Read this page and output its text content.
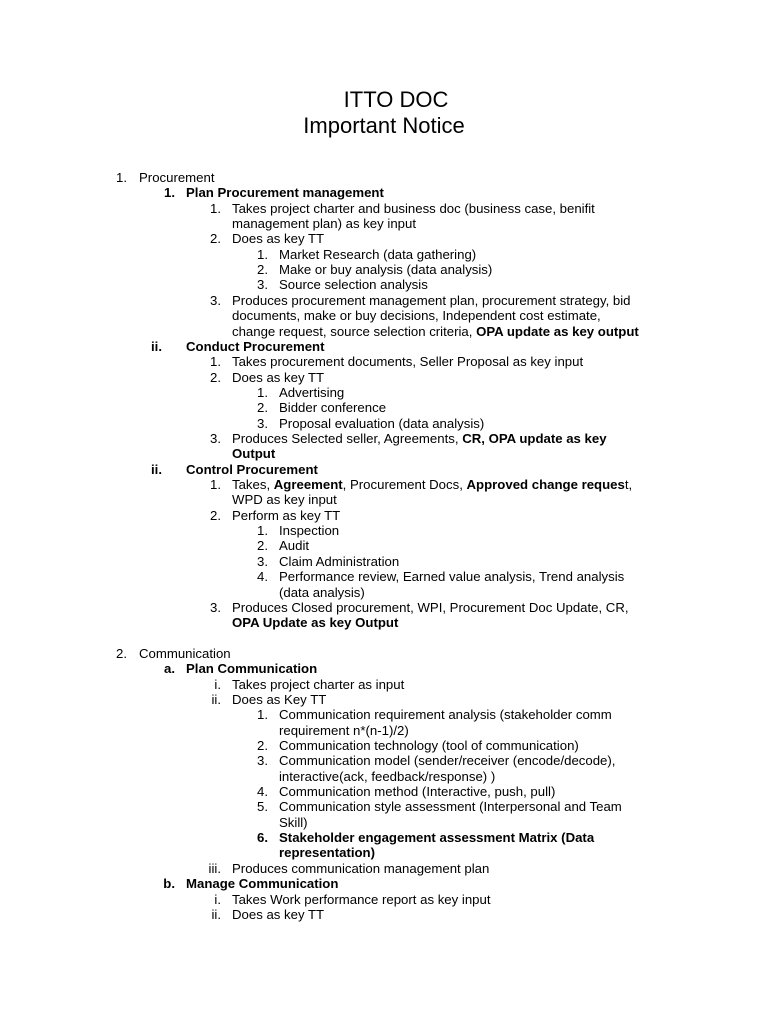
ITTO DOC
Important Notice
1. Procurement
1. Plan Procurement management
1. Takes project charter and business doc (business case, benifit
management plan) as key input
2. Does as key TT
1. Market Research (data gathering)
2. Make or buy analysis (data analysis)
3. Source selection analysis
3. Produces procurement management plan, procurement strategy, bid
documents, make or buy decisions, Independent cost estimate,
change request, source selection criteria, OPA update as key output
ii. Conduct Procurement
1. Takes procurement documents, Seller Proposal as key input
2. Does as key TT
1. Advertising
2. Bidder conference
3. Proposal evaluation (data analysis)
3. Produces Selected seller, Agreements, CR, OPA update as key
Output
ii. Control Procurement
1. Takes, Agreement, Procurement Docs, Approved change request,
WPD as key input
2. Perform as key TT
1. Inspection
2. Audit
3. Claim Administration
4. Performance review, Earned value analysis, Trend analysis
(data analysis)
3. Produces Closed procurement, WPI, Procurement Doc Update, CR,
OPA Update as key Output
2. Communication
a. Plan Communication
i. Takes project charter as input
ii. Does as Key TT
1. Communication requirement analysis (stakeholder comm
requirement n*(n-1)/2)
2. Communication technology (tool of communication)
3. Communication model (sender/receiver (encode/decode),
interactive(ack, feedback/response) )
4. Communication method (Interactive, push, pull)
5. Communication style assessment (Interpersonal and Team
Skill)
6. Stakeholder engagement assessment Matrix (Data
representation)
iii. Produces communication management plan
b. Manage Communication
i. Takes Work performance report as key input
ii. Does as key TT
